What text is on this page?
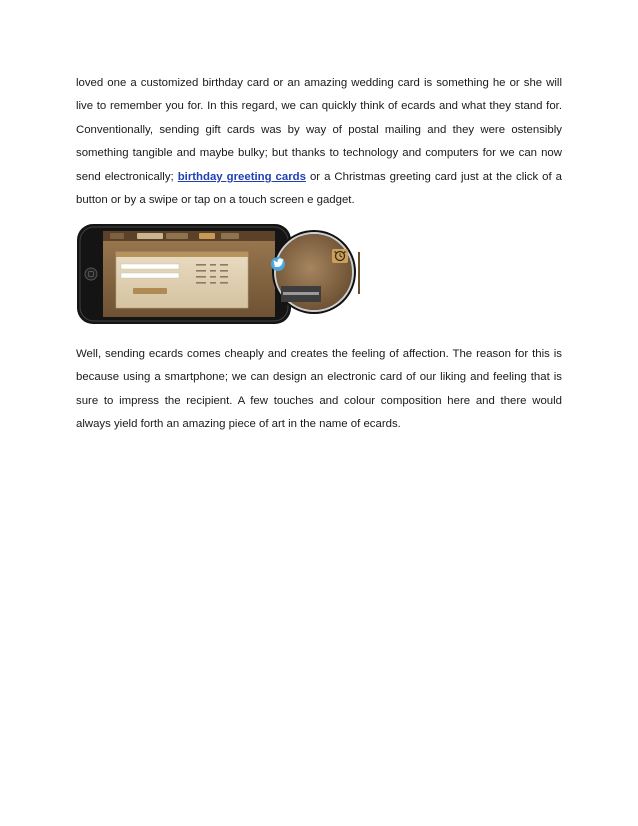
loved one a customized birthday card or an amazing wedding card is something he or she will live to remember you for. In this regard, we can quickly think of ecards and what they stand for. Conventionally, sending gift cards was by way of postal mailing and they were ostensibly something tangible and maybe bulky; but thanks to technology and computers for we can now send electronically; birthday greeting cards or a Christmas greeting card just at the click of a button or by a swipe or tap on a touch screen e gadget.

Well, sending ecards comes cheaply and creates the feeling of affection. The reason for this is because using a smartphone; we can design an electronic card of our liking and feeling that is sure to impress the recipient. A few touches and colour composition here and there would always yield forth an amazing piece of art in the name of ecards.
